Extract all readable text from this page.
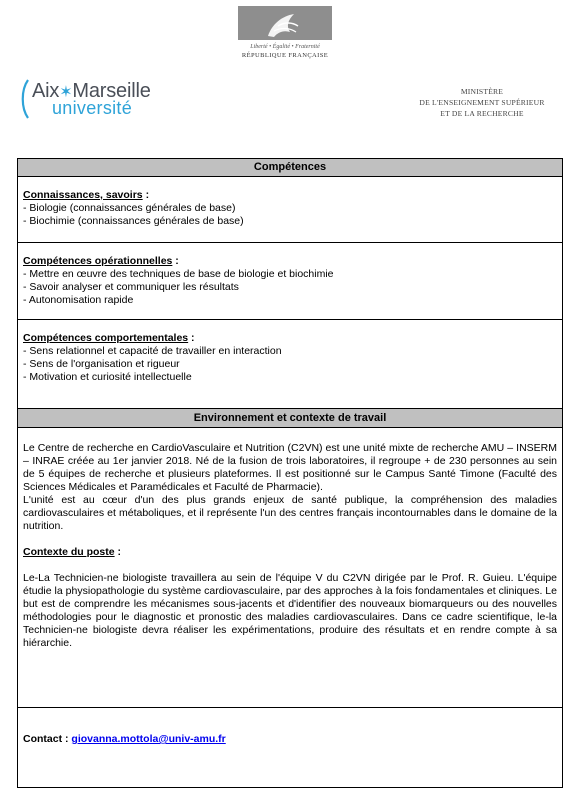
Liberté • Égalité • Fraternité
RÉPUBLIQUE FRANÇAISE
Aix✶Marseille
université
MINISTÈRE
DE L'ENSEIGNEMENT SUPÉRIEUR
ET DE LA RECHERCHE
Compétences
Connaissances, savoirs :
- Biologie (connaissances générales de base)
- Biochimie (connaissances générales de base)
Compétences opérationnelles :
- Mettre en œuvre des techniques de base de biologie et biochimie
- Savoir analyser et communiquer les résultats
- Autonomisation rapide
Compétences comportementales :
- Sens relationnel et capacité de travailler en interaction
- Sens de l'organisation et rigueur
- Motivation et curiosité intellectuelle
Environnement et contexte de travail
Le Centre de recherche en CardioVasculaire et Nutrition (C2VN) est une unité mixte de recherche AMU – INSERM – INRAE créée au 1er janvier 2018. Né de la fusion de trois laboratoires, il regroupe + de 230 personnes au sein de 5 équipes de recherche et plusieurs plateformes. Il est positionné sur le Campus Santé Timone (Faculté des Sciences Médicales et Paramédicales et Faculté de Pharmacie).
L'unité est au cœur d'un des plus grands enjeux de santé publique, la compréhension des maladies cardiovasculaires et métaboliques, et il représente l'un des centres français incontournables dans le domaine de la nutrition.
Contexte du poste :
Le-La Technicien-ne biologiste travaillera au sein de l'équipe V du C2VN dirigée par le Prof. R. Guieu. L'équipe étudie la physiopathologie du système cardiovasculaire, par des approches à la fois fondamentales et cliniques. Le but est de comprendre les mécanismes sous-jacents et d'identifier des nouveaux biomarqueurs ou des nouvelles méthodologies pour le diagnostic et pronostic des maladies cardiovasculaires. Dans ce cadre scientifique, le-la Technicien-ne biologiste devra réaliser les expérimentations, produire des résultats et en rendre compte à sa hiérarchie.
Contact : giovanna.mottola@univ-amu.fr
